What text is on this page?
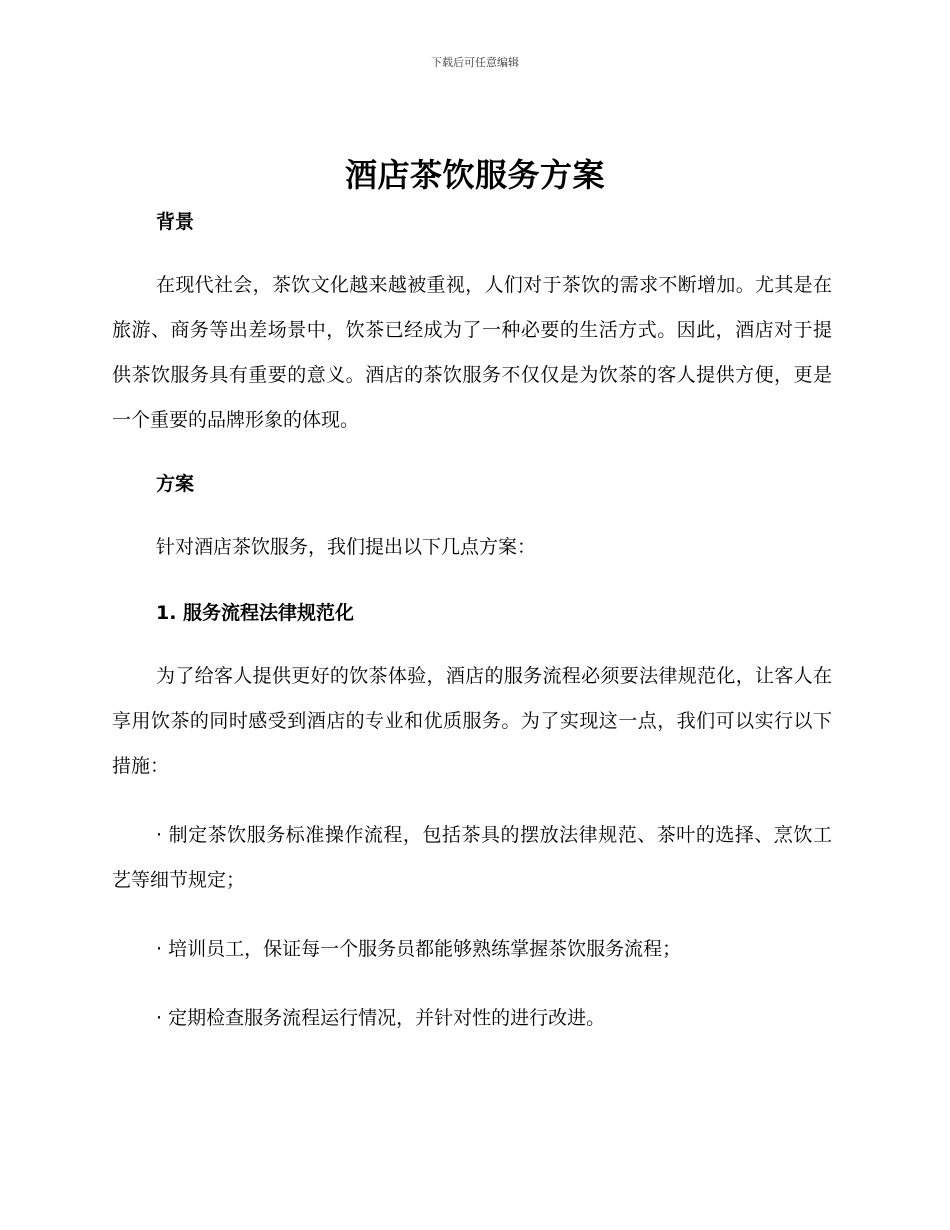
下载后可任意编辑
酒店茶饮服务方案

背景

在现代社会，茶饮文化越来越被重视，人们对于茶饮的需求不断增加。尤其是在旅游、商务等出差场景中，饮茶已经成为了一种必要的生活方式。因此，酒店对于提供茶饮服务具有重要的意义。酒店的茶饮服务不仅仅是为饮茶的客人提供方便，更是一个重要的品牌形象的体现。

方案

针对酒店茶饮服务，我们提出以下几点方案：

1. 服务流程法律规范化

为了给客人提供更好的饮茶体验，酒店的服务流程必须要法律规范化，让客人在享用饮茶的同时感受到酒店的专业和优质服务。为了实现这一点，我们可以实行以下措施：

· 制定茶饮服务标准操作流程，包括茶具的摆放法律规范、茶叶的选择、烹饮工艺等细节规定；

· 培训员工，保证每一个服务员都能够熟练掌握茶饮服务流程；

· 定期检查服务流程运行情况，并针对性的进行改进。
